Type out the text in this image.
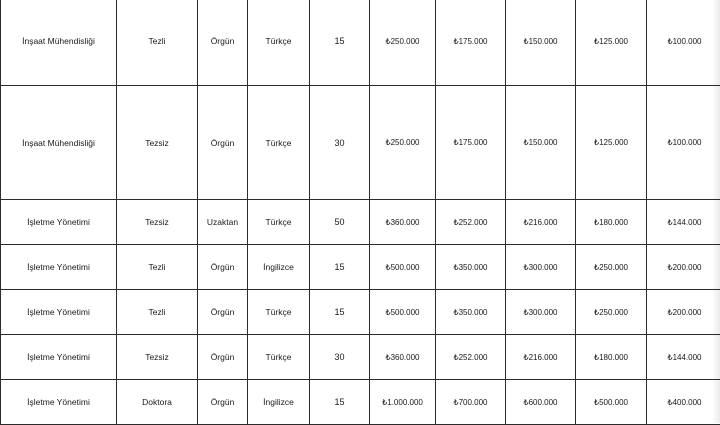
İnşaat Mühendisliği	Tezli	Örgün	Türkçe	15	₺250.000	₺175.000	₺150.000	₺125.000	₺100.000
İnşaat Mühendisliği	Tezsiz	Örgün	Türkçe	30	₺250.000	₺175.000	₺150.000	₺125.000	₺100.000
İşletme Yönetimi	Tezsiz	Uzaktan	Türkçe	50	₺360.000	₺252.000	₺216.000	₺180.000	₺144.000
İşletme Yönetimi	Tezli	Örgün	İngilizce	15	₺500.000	₺350.000	₺300.000	₺250.000	₺200.000
İşletme Yönetimi	Tezli	Örgün	Türkçe	15	₺500.000	₺350.000	₺300.000	₺250.000	₺200.000
İşletme Yönetimi	Tezsiz	Örgün	Türkçe	30	₺360.000	₺252.000	₺216.000	₺180.000	₺144.000
İşletme Yönetimi	Doktora	Örgün	İngilizce	15	₺1.000.000	₺700.000	₺600.000	₺500.000	₺400.000
